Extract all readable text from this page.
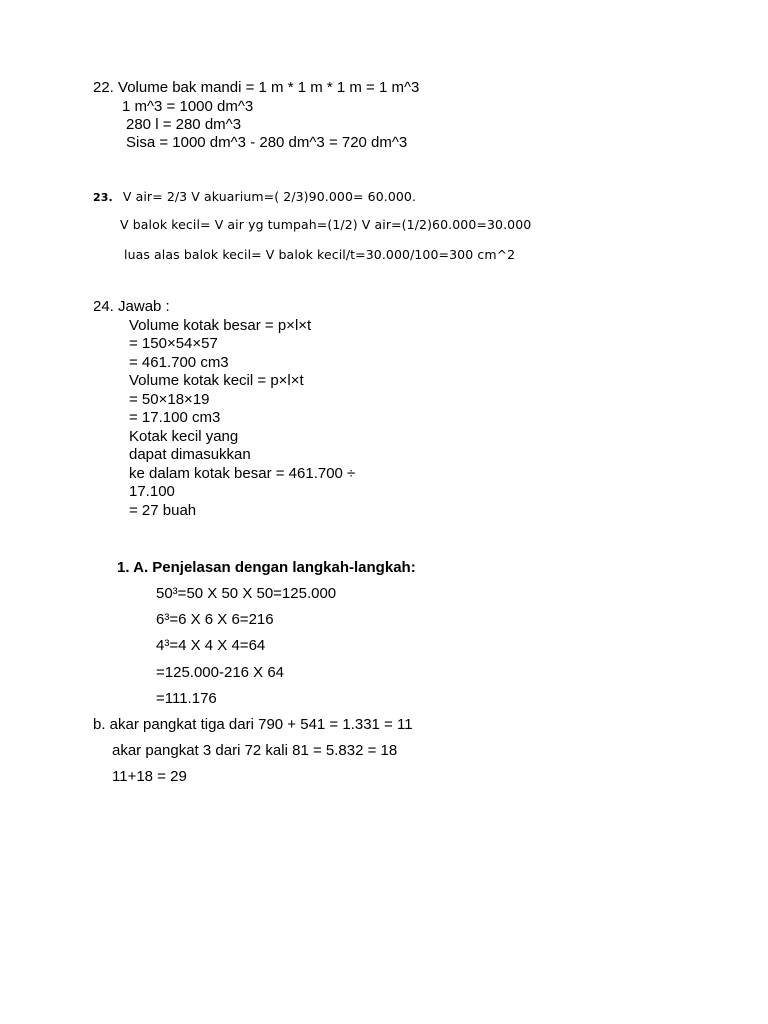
22. Volume bak mandi = 1 m * 1 m * 1 m = 1 m^3
1 m^3 = 1000 dm^3
280 l = 280 dm^3
Sisa = 1000 dm^3 - 280 dm^3 = 720 dm^3
23. V air= 2/3 V akuarium=( 2/3)90.000= 60.000.
V balok kecil= V air yg tumpah=(1/2) V air=(1/2)60.000=30.000
luas alas balok kecil= V balok kecil/t=30.000/100=300 cm^2
24. Jawab :
Volume kotak besar = p×l×t
= 150×54×57
= 461.700 cm3
Volume kotak kecil = p×l×t
= 50×18×19
= 17.100 cm3
Kotak kecil yang
dapat dimasukkan
ke dalam kotak besar = 461.700 ÷
17.100
= 27 buah
1. A. Penjelasan dengan langkah-langkah:
50³=50 X 50 X 50=125.000
6³=6 X 6 X 6=216
4³=4 X 4 X 4=64
=125.000-216 X 64
=111.176
b. akar pangkat tiga dari 790 + 541 = 1.331 = 11
akar pangkat 3 dari 72 kali 81 = 5.832 = 18
11+18 = 29
